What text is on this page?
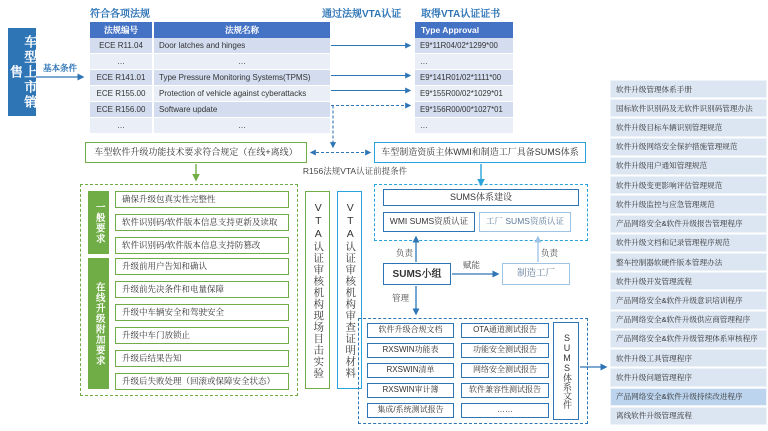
符合各项法规	通过法规VTA认证 取得VTA认证证书
车型上市销售	基本条件
法规编号	法规名称
ECE R11.04	Door latches and hinges
…	…
ECE R141.01	Type Pressure Monitoring Systems(TPMS)
ECE R155.00	Protection of vehicle against cyberattacks
ECE R156.00	Software update
…	…
Type Approval
E9*11R04/02*1299*00
…
E9*141R01/02*1111*00
E9*155R00/02*1029*01
E9*156R00/00*1027*01
…
车型软件升级功能技术要求符合规定（在线+离线）	车型制造资质主体WMI和制造工厂具备SUMS体系
R156法规VTA认证前提条件
一般要求
确保升级包真实性完整性
软件识别码/软件版本信息支持更新及读取
软件识别码/软件版本信息支持防篡改
在线升级附加要求
升级前用户告知和确认
升级前先决条件和电量保障
升级中车辆安全和驾驶安全
升级中车门放锁止
升级后结果告知
升级后失败处理（回滚或保障安全状态）
VTA认证审核机构现场目击实验	VTA认证审核机构审查证明材料
SUMS体系建设
WMI SUMS资质认证	工厂 SUMS资质认证
SUMS小组	制造工厂
负责	负责
赋能
管理
软件升级合规文档
RXSWIN功能表
RXSWIN清单
RXSWIN审计簿
集成/系统测试报告
OTA通道测试报告
功能安全测试报告
网络安全测试报告
软件兼容性测试报告
……
SUMS体系文件
软件升级管理体系手册
国标软件识别码及无软件识别码管理办法
软件升级目标车辆识别管理规范
软件升级网络安全保护措施管理规范
软件升级用户通知管理规范
软件升级变更影响评估管理规范
软件升级监控与应急管理规范
产品网络安全&软件升级报告管理程序
软件升级文档和记录管理程序规范
整车控制器软硬件版本管理办法
软件升级开发管理流程
产品网络安全&软件升级意识培训程序
产品网络安全&软件升级供应商管理程序
产品网络安全&软件升级管理体系审核程序
软件升级工具管理程序
软件升级问题管理程序
产品网络安全&软件升级持续改进程序
离线软件升级管理流程
